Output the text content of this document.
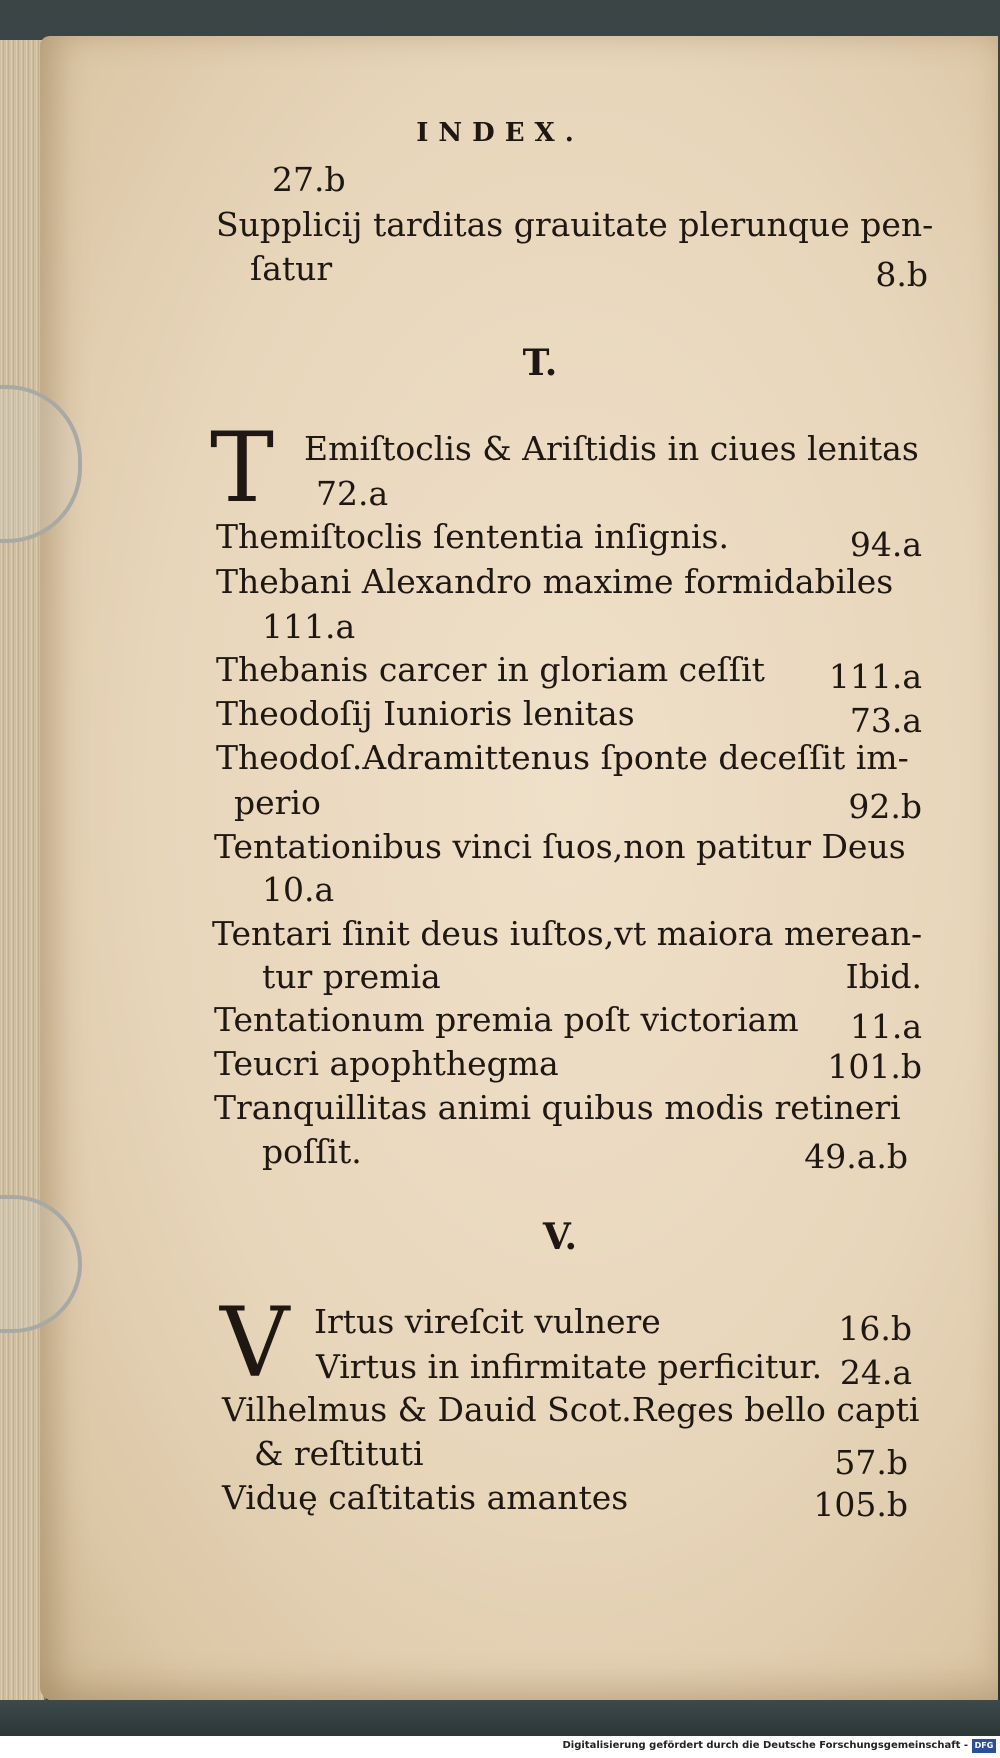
INDEX.
27.b
Supplicij tarditas grauitate plerunque pen-
ſatur	8.b
T.
T Emiſtoclis & Ariſtidis in ciues lenitas
72.a
Themiſtoclis ſententia inſignis.	94.a
Thebani Alexandro maxime formidabiles
111.a
Thebanis carcer in gloriam ceſſit 111.a
Theodoſij Iunioris lenitas	73.a
Theodoſ.Adramittenus ſponte deceſſit im-
perio	92.b
Tentationibus vinci ſuos,non patitur Deus
10.a
Tentari ſinit deus iuſtos,vt maiora merean-
tur premia	Ibid.
Tentationum premia poſt victoriam 11.a
Teucri apophthegma	101.b
Tranquillitas animi quibus modis retineri
poſſit.	49.a.b
V.
V Irtus vireſcit vulnere	16.b
Virtus in infirmitate perficitur. 24.a
Vilhelmus & Dauid Scot.Reges bello capti
& reſtituti	57.b
Viduę caſtitatis amantes	105.b
Digitalisierung gefördert durch die Deutsche Forschungsgemeinschaft - DFG
